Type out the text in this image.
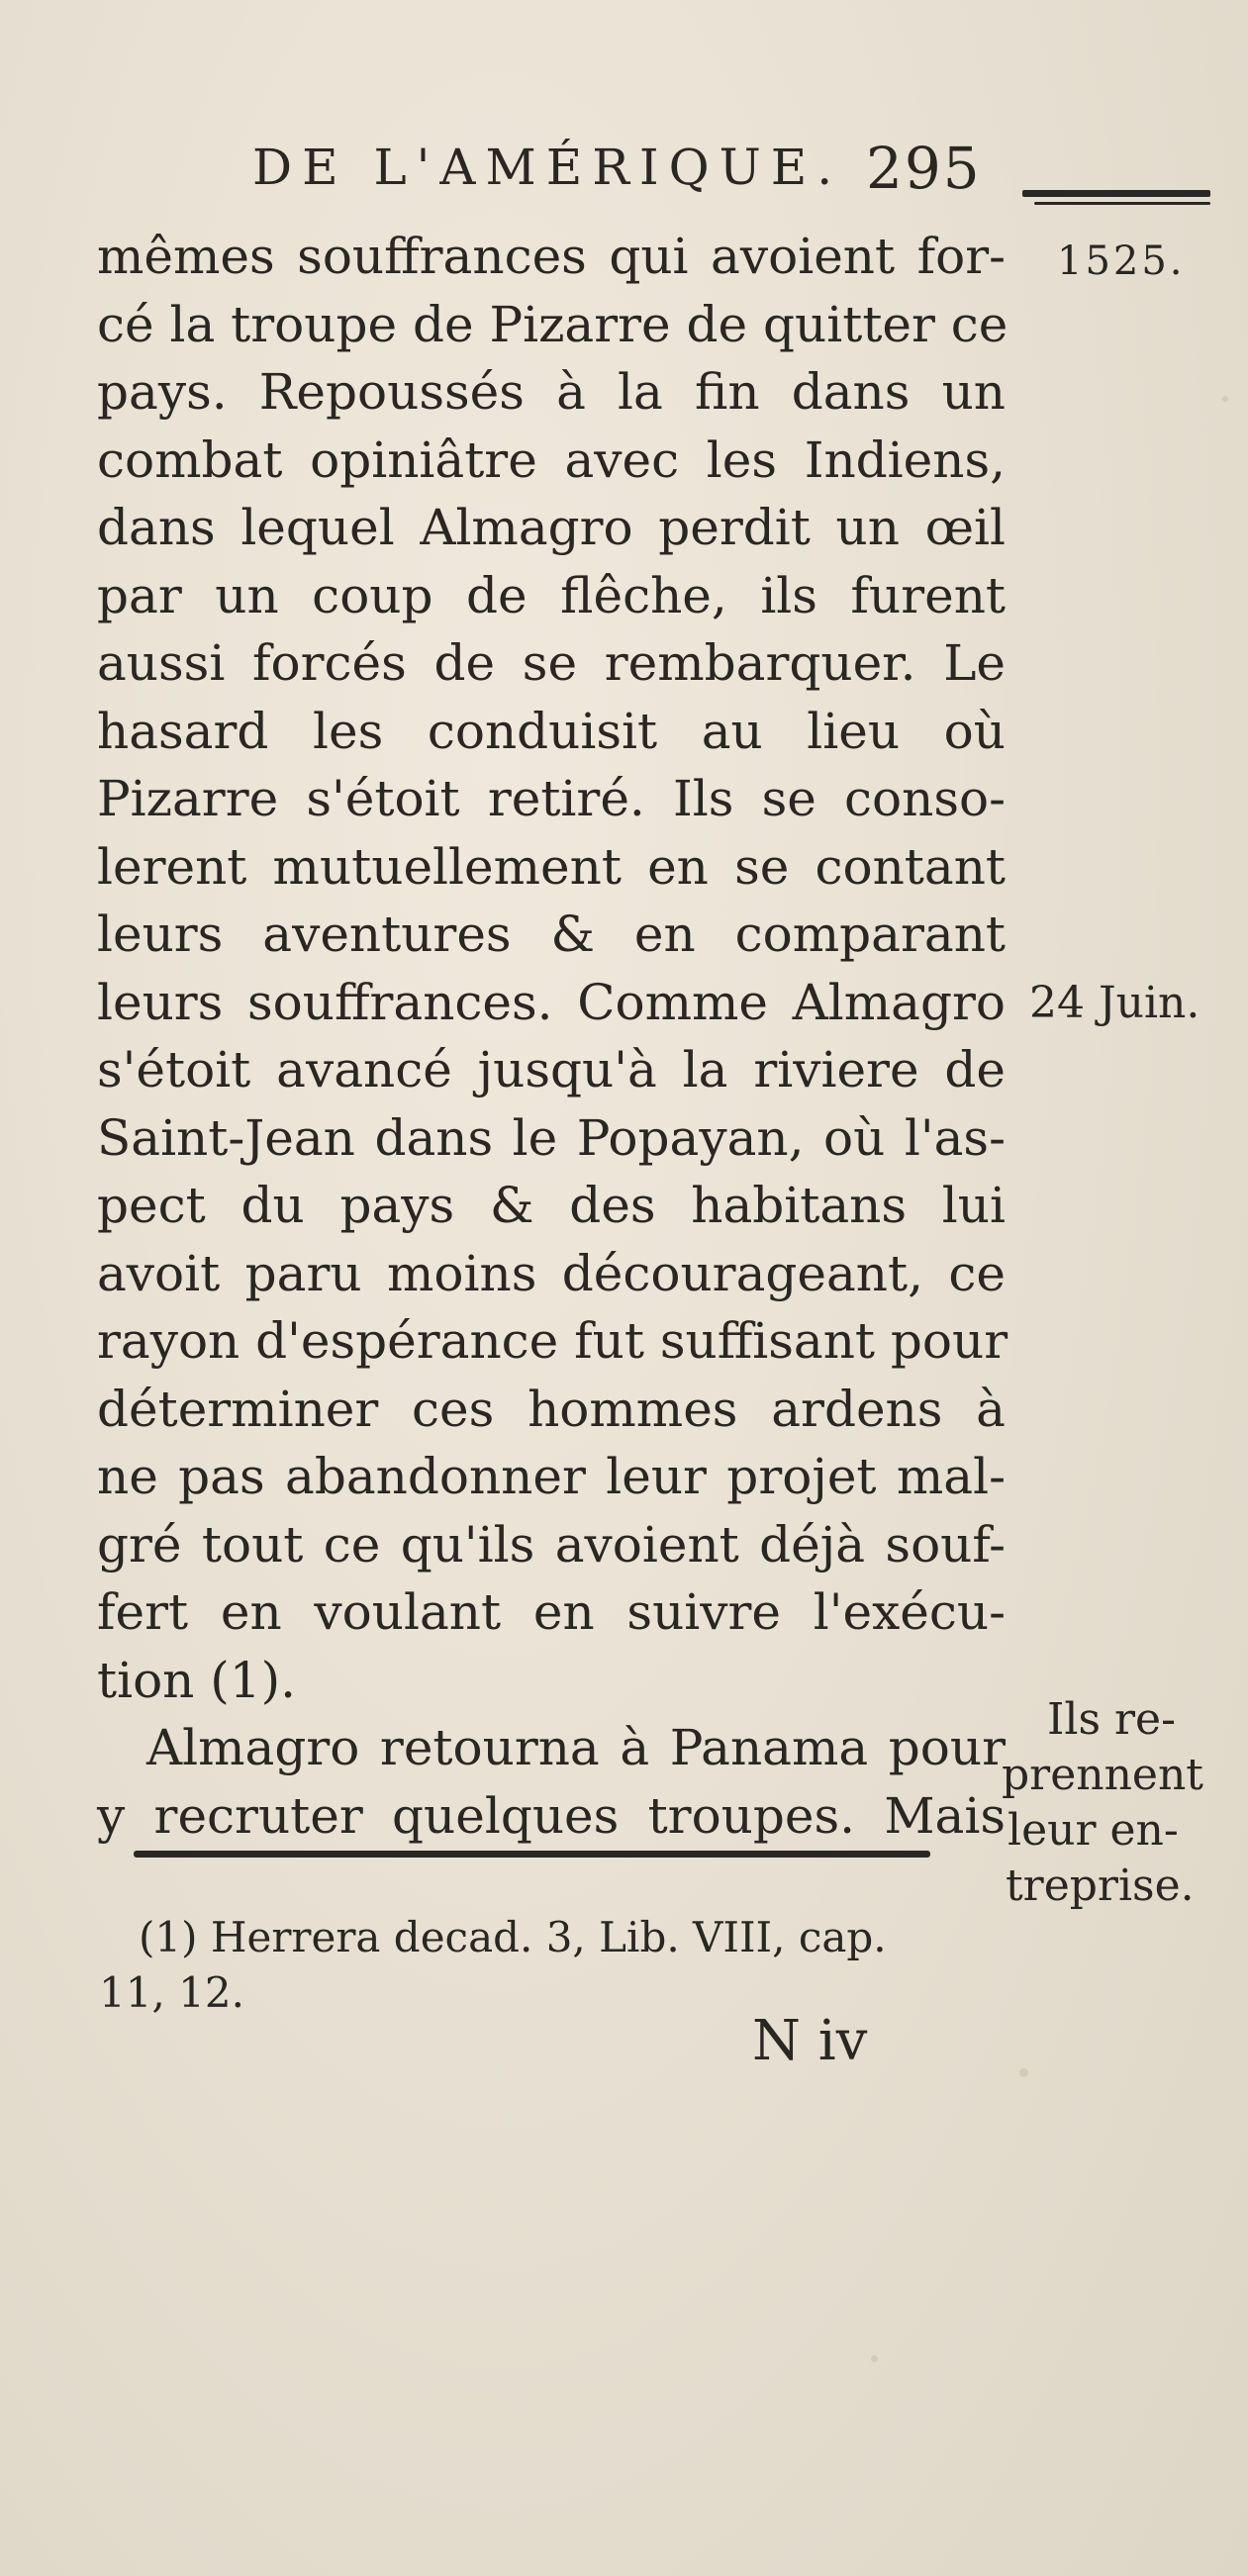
DE L'AMÉRIQUE. 295
mêmes souffrances qui avoient for-
cé la troupe de Pizarre de quitter ce
pays. Repoussés à la fin dans un
combat opiniâtre avec les Indiens,
dans lequel Almagro perdit un œil
par un coup de flêche, ils furent
aussi forcés de se rembarquer. Le
hasard les conduisit au lieu où
Pizarre s'étoit retiré. Ils se conso-
lerent mutuellement en se contant
leurs aventures & en comparant
leurs souffrances. Comme Almagro
s'étoit avancé jusqu'à la riviere de
Saint-Jean dans le Popayan, où l'as-
pect du pays & des habitans lui
avoit paru moins décourageant, ce
rayon d'espérance fut suffisant pour
déterminer ces hommes ardens à
ne pas abandonner leur projet mal-
gré tout ce qu'ils avoient déjà souf-
fert en voulant en suivre l'exécu-
tion (1).
Almagro retourna à Panama pour
y recruter quelques troupes. Mais
1525.
24 Juin.
Ils re-
prennent
leur en-
treprise.
(1) Herrera decad. 3, Lib. VIII, cap.
11, 12.
N iv
